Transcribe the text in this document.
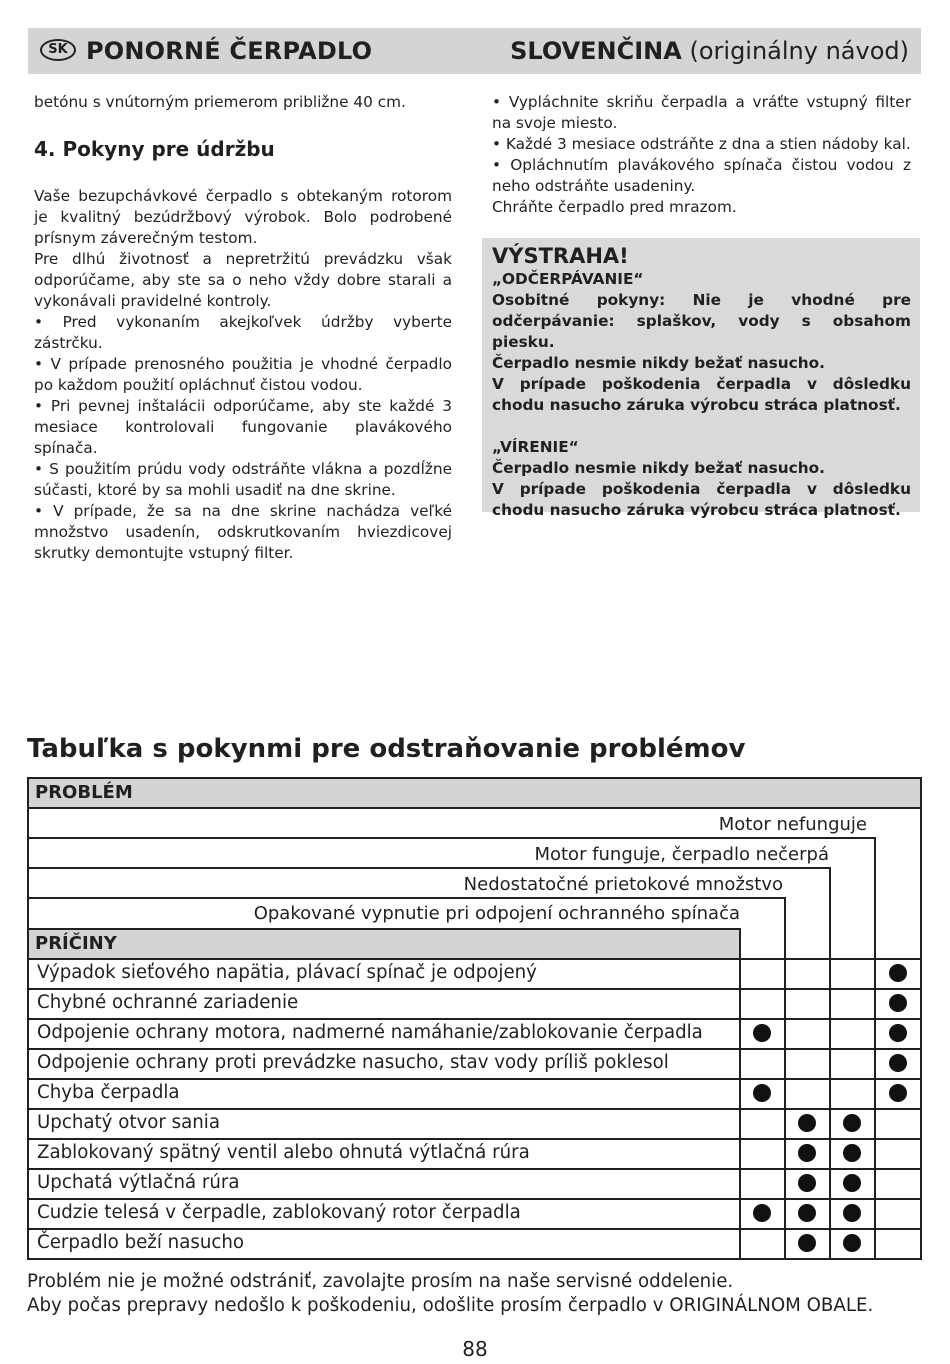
SK PONORNÉ ČERPADLO	SLOVENČINA (originálny návod)

betónu s vnútorným priemerom približne 40 cm.

4. Pokyny pre údržbu

Vaše bezupchávkové čerpadlo s obtekaným rotorom je kvalitný bezúdržbový výrobok. Bolo podrobené prísnym záverečným testom.

Pre dlhú životnosť a nepretržitú prevádzku však odporúčame, aby ste sa o neho vždy dobre starali a vykonávali pravidelné kontroly.

• Pred vykonaním akejkoľvek údržby vyberte zástrčku.

• V prípade prenosného použitia je vhodné čerpadlo po každom použití opláchnuť čistou vodou.

• Pri pevnej inštalácii odporúčame, aby ste každé 3 mesiace kontrolovali fungovanie plavákového spínača.

• S použitím prúdu vody odstráňte vlákna a pozdĺžne súčasti, ktoré by sa mohli usadiť na dne skrine.

• V prípade, že sa na dne skrine nachádza veľké množstvo usadenín, odskrutkovaním hviezdicovej skrutky demontujte vstupný filter.

• Vypláchnite skriňu čerpadla a vráťte vstupný filter na svoje miesto.

• Každé 3 mesiace odstráňte z dna a stien nádoby kal.

• Opláchnutím plavákového spínača čistou vodou z neho odstráňte usadeniny.

Chráňte čerpadlo pred mrazom.

VÝSTRAHA!

„ODČERPÁVANIE“

Osobitné pokyny: Nie je vhodné pre odčerpávanie: splaškov, vody s obsahom piesku.

Čerpadlo nesmie nikdy bežať nasucho.

V prípade poškodenia čerpadla v dôsledku chodu nasucho záruka výrobcu stráca platnosť.

„VÍRENIE“

Čerpadlo nesmie nikdy bežať nasucho.

V prípade poškodenia čerpadla v dôsledku chodu nasucho záruka výrobcu stráca platnosť.

Tabuľka s pokynmi pre odstraňovanie problémov
PROBLÉM
PRÍČINY
Motor nefunguje
Motor funguje, čerpadlo nečerpá
Nedostatočné prietokové množstvo
Opakované vypnutie pri odpojení ochranného spínača
Výpadok sieťového napätia, plávací spínač je odpojený
Chybné ochranné zariadenie
Odpojenie ochrany motora, nadmerné namáhanie/zablokovanie čerpadla
Odpojenie ochrany proti prevádzke nasucho, stav vody príliš poklesol
Chyba čerpadla
Upchatý otvor sania
Zablokovaný spätný ventil alebo ohnutá výtlačná rúra
Upchatá výtlačná rúra
Cudzie telesá v čerpadle, zablokovaný rotor čerpadla
Čerpadlo beží nasucho
Problém nie je možné odstrániť, zavolajte prosím na naše servisné oddelenie.
Aby počas prepravy nedošlo k poškodeniu, odošlite prosím čerpadlo v ORIGINÁLNOM OBALE.
88
